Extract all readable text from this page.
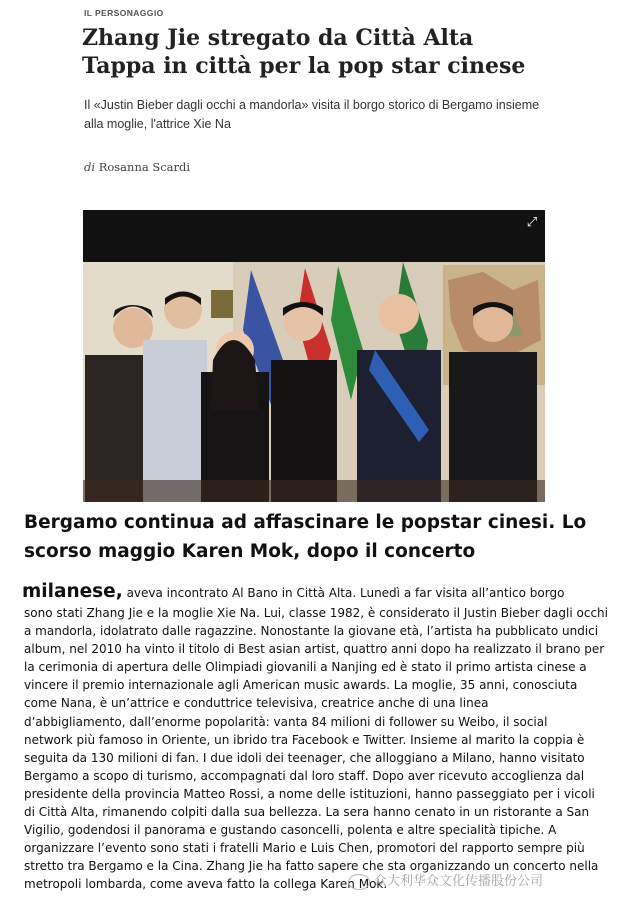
IL PERSONAGGIO
Zhang Jie stregato da Città Alta
Tappa in città per la pop star cinese
Il «Justin Bieber dagli occhi a mandorla» visita il borgo storico di Bergamo insieme alla moglie, l'attrice Xie Na
di Rosanna Scardi
⤢
Bergamo continua ad affascinare le popstar cinesi. Lo
scorso maggio Karen Mok, dopo il concerto
milanese, aveva incontrato Al Bano in Città Alta. Lunedì a far visita all’antico borgo
sono stati Zhang Jie e la moglie Xie Na. Lui, classe 1982, è considerato il Justin Bieber dagli occhi
a mandorla, idolatrato dalle ragazzine. Nonostante la giovane età, l’artista ha pubblicato undici
album, nel 2010 ha vinto il titolo di Best asian artist, quattro anni dopo ha realizzato il brano per
la cerimonia di apertura delle Olimpiadi giovanili a Nanjing ed è stato il primo artista cinese a
vincere il premio internazionale agli American music awards. La moglie, 35 anni, conosciuta
come Nana, è un’attrice e conduttrice televisiva, creatrice anche di una linea
d’abbigliamento, dall’enorme popolarità: vanta 84 milioni di follower su Weibo, il social
network più famoso in Oriente, un ibrido tra Facebook e Twitter. Insieme al marito la coppia è
seguita da 130 milioni di fan. I due idoli dei teenager, che alloggiano a Milano, hanno visitato
Bergamo a scopo di turismo, accompagnati dal loro staff. Dopo aver ricevuto accoglienza dal
presidente della provincia Matteo Rossi, a nome delle istituzioni, hanno passeggiato per i vicoli
di Città Alta, rimanendo colpiti dalla sua bellezza. La sera hanno cenato in un ristorante a San
Vigilio, godendosi il panorama e gustando casoncelli, polenta e altre specialità tipiche. A
organizzare l’evento sono stati i fratelli Mario e Luis Chen, promotori del rapporto sempre più
stretto tra Bergamo e la Cina. Zhang Jie ha fatto sapere che sta organizzando un concerto nella
metropoli lombarda, come aveva fatto la collega Karen Mok.
众大利华众文化传播股份公司
